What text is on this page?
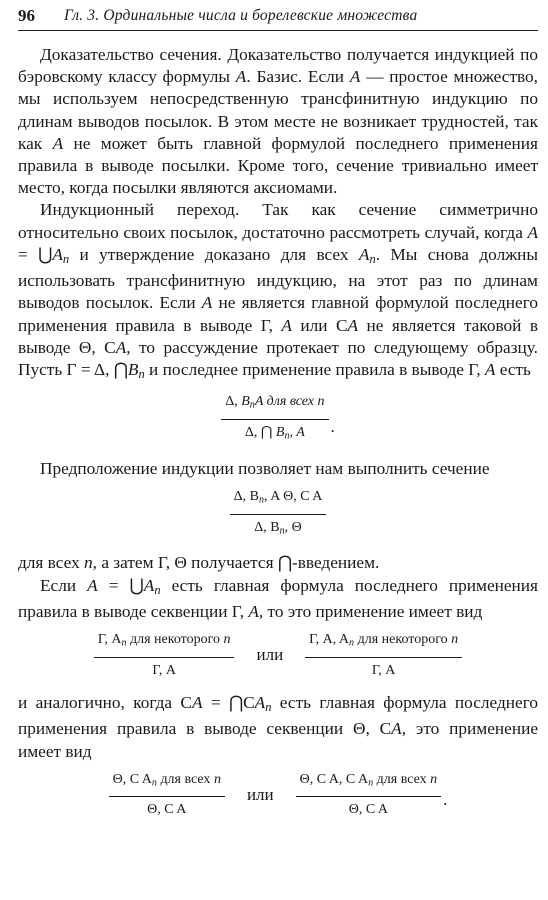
96 Гл. 3. Ординальные числа и борелевские множества

Доказательство сечения. Доказательство получается индукцией по бэровскому классу формулы A. Базис. Если A — простое множество, мы используем непосредственную трансфинитную индукцию по длинам выводов посылок. В этом месте не возникает трудностей, так как A не может быть главной формулой последнего применения правила в выводе посылки. Кроме того, сечение тривиально имеет место, когда посылки являются аксиомами.

Индукционный переход. Так как сечение симметрично относительно своих посылок, достаточно рассмотреть случай, когда $A = ⋃A_n$ и утверждение доказано для всех $A_n$. Мы снова должны использовать трансфинитную индукцию, на этот раз по длинам выводов посылок. Если A не является главной формулой последнего применения правила в выводе Γ, A или CA не является таковой в выводе Θ, CA, то рассуждение протекает по следующему образцу. Пусть Γ = Δ, $⋂B_n$ и последнее применение правила в выводе Γ, A есть

$\frac{\Delta, B_nA для всех n}{\Delta, ⋂ B_n, A}$ .

Предположение индукции позволяет нам выполнить сечение

$\frac{\Delta, B_n, A \Theta, C A}{\Delta, B_n, \Theta}$

для всех n, а затем Γ, Θ получается ⋂-введением.

Если $A = ⋃A_n$ есть главная формула последнего применения правила в выводе секвенции Γ, A, то это применение имеет вид

$\frac{\Gamma, A_n для некоторого n}{\Gamma, A}$ или $\frac{\Gamma, A, A_n для некоторого n}{\Gamma, A}$

и аналогично, когда CA = $⋂CA_n$ есть главная формула последнего применения правила в выводе секвенции Θ, CA, это применение имеет вид

$\frac{\Theta, C A_n для всех n}{\text{Θ, C A}}$ или $\frac{\Theta, C A, C A_n для всех n}{\text{Θ, C A}}$ .
